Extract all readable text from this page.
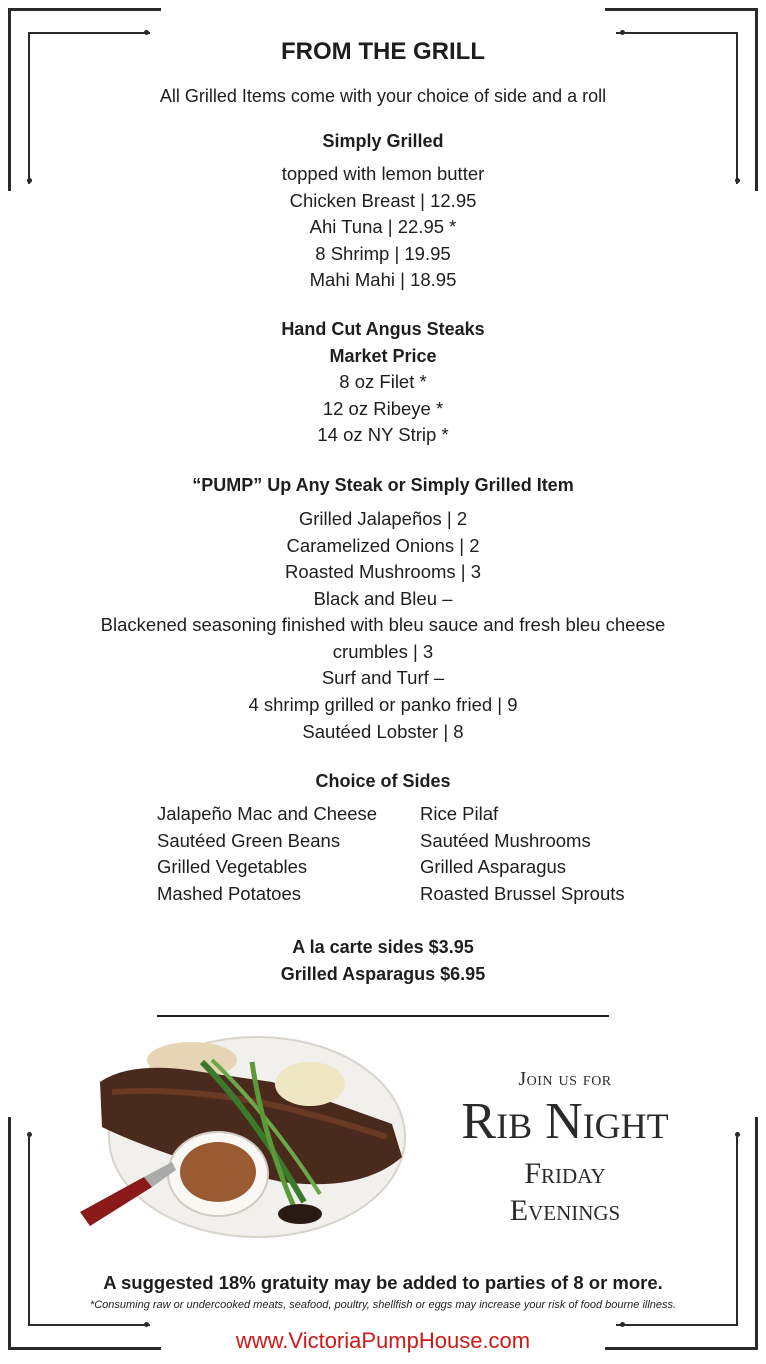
FROM THE GRILL
All Grilled Items come with your choice of side and a roll
Simply Grilled
topped with lemon butter
Chicken Breast | 12.95
Ahi Tuna | 22.95 *
8 Shrimp | 19.95
Mahi Mahi | 18.95
Hand Cut Angus Steaks
Market Price
8 oz Filet *
12 oz Ribeye *
14 oz NY Strip *
“PUMP” Up Any Steak or Simply Grilled Item
Grilled Jalapeños | 2
Caramelized Onions | 2
Roasted Mushrooms | 3
Black and Bleu –
Blackened seasoning finished with bleu sauce and fresh bleu cheese
crumbles | 3
Surf and Turf –
4 shrimp grilled or panko fried | 9
Sautéed Lobster | 8
Choice of Sides
Jalapeño Mac and Cheese
Sautéed Green Beans
Grilled Vegetables
Mashed Potatoes
Rice Pilaf
Sautéed Mushrooms
Grilled Asparagus
Roasted Brussel Sprouts
A la carte sides $3.95
Grilled Asparagus $6.95
Join us for
Rib Night
Friday
Evenings
A suggested 18% gratuity may be added to parties of 8 or more.
*Consuming raw or undercooked meats, seafood, poultry, shellfish or eggs may increase your risk of food bourne illness.
www.VictoriaPumpHouse.com
